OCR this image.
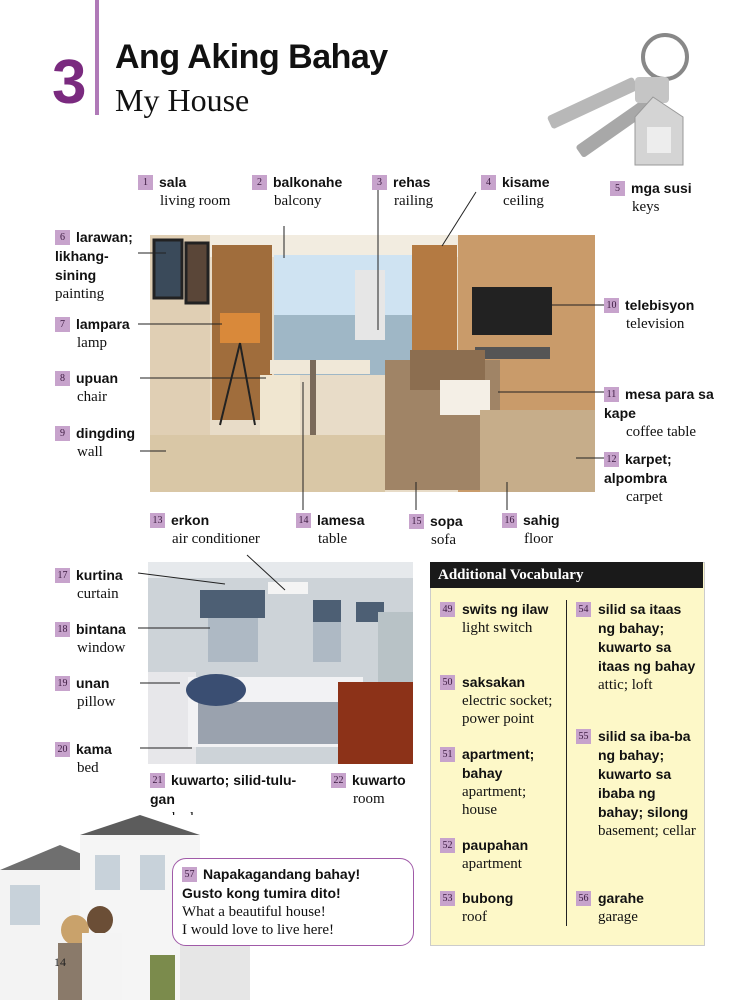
3 Ang Aking Bahay
My House
1 sala
living room
2 balkonahe
balcony
3 rehas
railing
4 kisame
ceiling
5 mga susi
keys
6 larawan; likhang-sining
painting
7 lampara
lamp
8 upuan
chair
9 dingding
wall
10 telebisyon
television
11 mesa para sa kape
coffee table
12 karpet; alpombra
carpet
13 erkon
air conditioner
14 lamesa
table
15 sopa
sofa
16 sahig
floor
17 kurtina
curtain
18 bintana
window
19 unan
pillow
20 kama
bed
21 kuwarto; silid-tulu-gan
22 kuwarto
room
Additional Vocabulary
49 swits ng ilaw
light switch
50 saksakan
electric socket; power point
51 apartment; bahay
apartment; house
52 paupahan
apartment
53 bubong
roof
54 silid sa itaas ng bahay; kuwarto sa itaas ng bahay
attic; loft
55 silid sa iba-ba ng bahay; kuwarto sa ibaba ng bahay; silong
basement; cellar
56 garahe
garage
14
57 Napakagandang bahay!
Gusto kong tumira dito!
What a beautiful house!
I would love to live here!
